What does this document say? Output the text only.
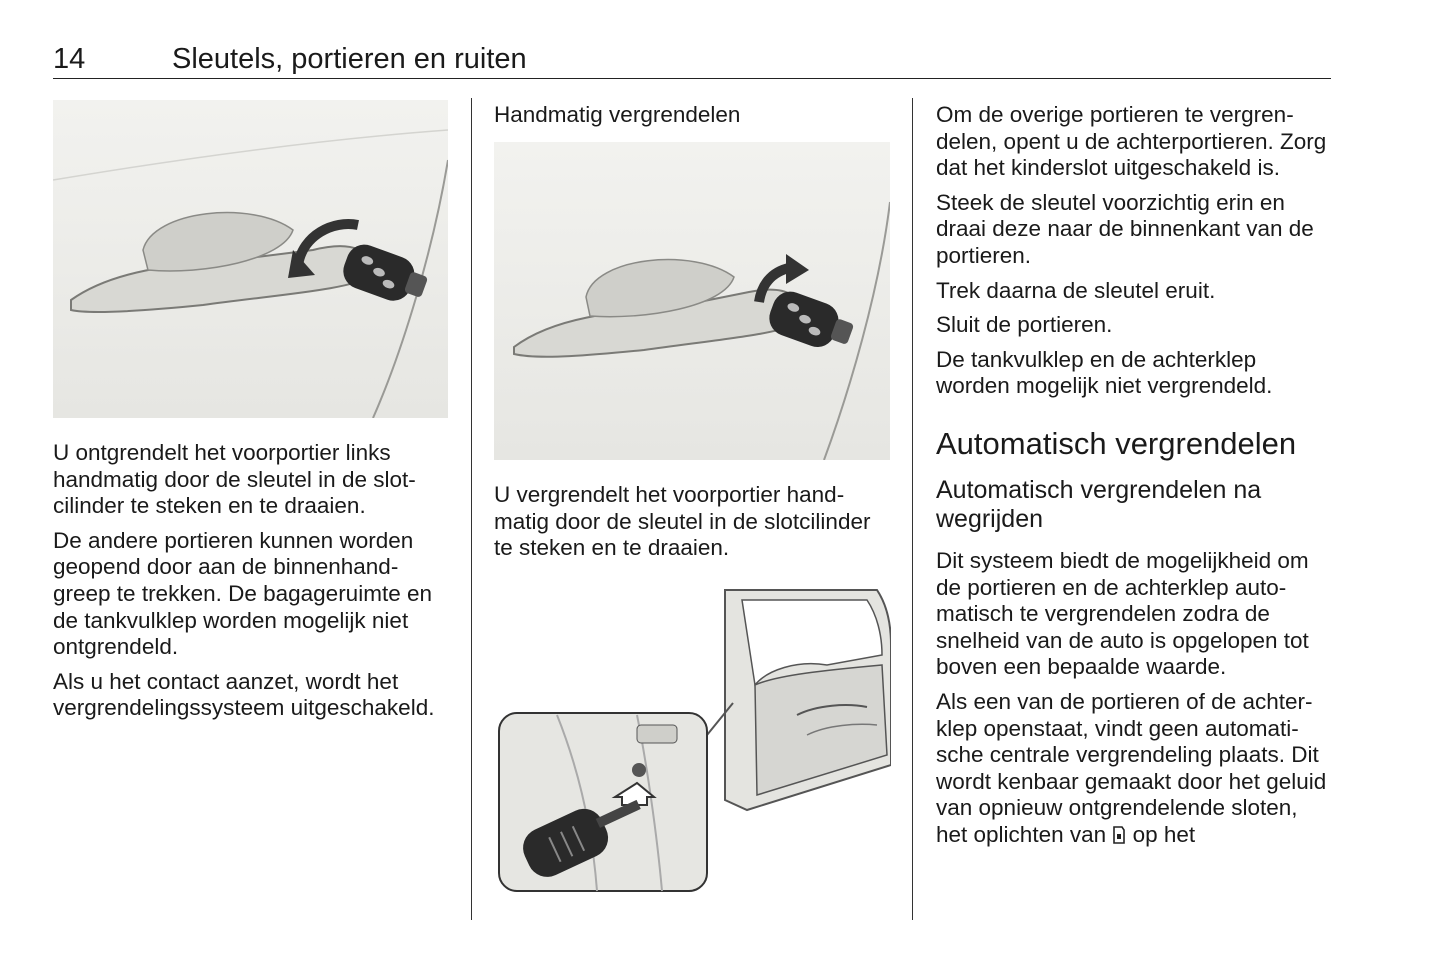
14	Sleutels, portieren en ruiten

U ontgrendelt het voorportier links handmatig door de sleutel in de slotcilinder te steken en te draaien.

De andere portieren kunnen worden geopend door aan de binnenhandgreep te trekken. De bagageruimte en de tankvulklep worden mogelijk niet ontgrendeld.

Als u het contact aanzet, wordt het vergrendelingssysteem uitgeschakeld.

Handmatig vergrendelen

U vergrendelt het voorportier handmatig door de sleutel in de slotcilinder te steken en te draaien.

Om de overige portieren te vergrendelen, opent u de achterportieren. Zorg dat het kinderslot uitgeschakeld is.

Steek de sleutel voorzichtig erin en draai deze naar de binnenkant van de portieren.

Trek daarna de sleutel eruit.

Sluit de portieren.

De tankvulklep en de achterklep worden mogelijk niet vergrendeld.

Automatisch vergrendelen
Automatisch vergrendelen na wegrijden

Dit systeem biedt de mogelijkheid om de portieren en de achterklep automatisch te vergrendelen zodra de snelheid van de auto is opgelopen tot boven een bepaalde waarde.

Als een van de portieren of de achterklep openstaat, vindt geen automatische centrale vergrendeling plaats. Dit wordt kenbaar gemaakt door het geluid van opnieuw ontgrendelende sloten, het oplichten van  op het
